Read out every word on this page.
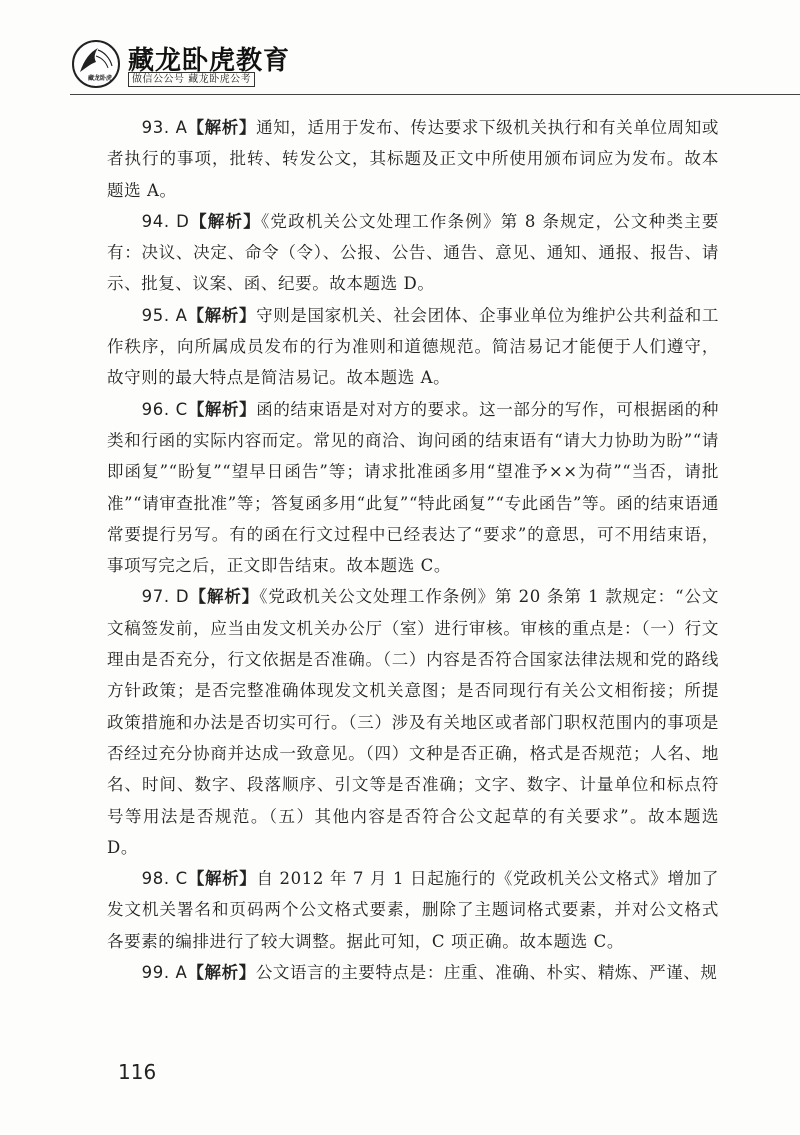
藏龙卧虎
藏龙卧虎教育
做信公公号 藏龙卧虎公考

93. A【解析】通知，适用于发布、传达要求下级机关执行和有关单位周知或者执行的事项，批转、转发公文，其标题及正文中所使用颁布词应为发布。故本题选 A。

94. D【解析】《党政机关公文处理工作条例》第 8 条规定，公文种类主要有：决议、决定、命令（令）、公报、公告、通告、意见、通知、通报、报告、请示、批复、议案、函、纪要。故本题选 D。

95. A【解析】守则是国家机关、社会团体、企事业单位为维护公共利益和工作秩序，向所属成员发布的行为准则和道德规范。简洁易记才能便于人们遵守，故守则的最大特点是简洁易记。故本题选 A。

96. C【解析】函的结束语是对对方的要求。这一部分的写作，可根据函的种类和行函的实际内容而定。常见的商洽、询问函的结束语有“请大力协助为盼”“请即函复”“盼复”“望早日函告”等；请求批准函多用“望准予××为荷”“当否，请批准”“请审查批准”等；答复函多用“此复”“特此函复”“专此函告”等。函的结束语通常要提行另写。有的函在行文过程中已经表达了“要求”的意思，可不用结束语，事项写完之后，正文即告结束。故本题选 C。

97. D【解析】《党政机关公文处理工作条例》第 20 条第 1 款规定：“公文文稿签发前，应当由发文机关办公厅（室）进行审核。审核的重点是：（一）行文理由是否充分，行文依据是否准确。（二）内容是否符合国家法律法规和党的路线方针政策；是否完整准确体现发文机关意图；是否同现行有关公文相衔接；所提政策措施和办法是否切实可行。（三）涉及有关地区或者部门职权范围内的事项是否经过充分协商并达成一致意见。（四）文种是否正确，格式是否规范；人名、地名、时间、数字、段落顺序、引文等是否准确；文字、数字、计量单位和标点符号等用法是否规范。（五）其他内容是否符合公文起草的有关要求”。故本题选 D。

98. C【解析】自 2012 年 7 月 1 日起施行的《党政机关公文格式》增加了发文机关署名和页码两个公文格式要素，删除了主题词格式要素，并对公文格式各要素的编排进行了较大调整。据此可知，C 项正确。故本题选 C。

99. A【解析】公文语言的主要特点是：庄重、准确、朴实、精炼、严谨、规

116
